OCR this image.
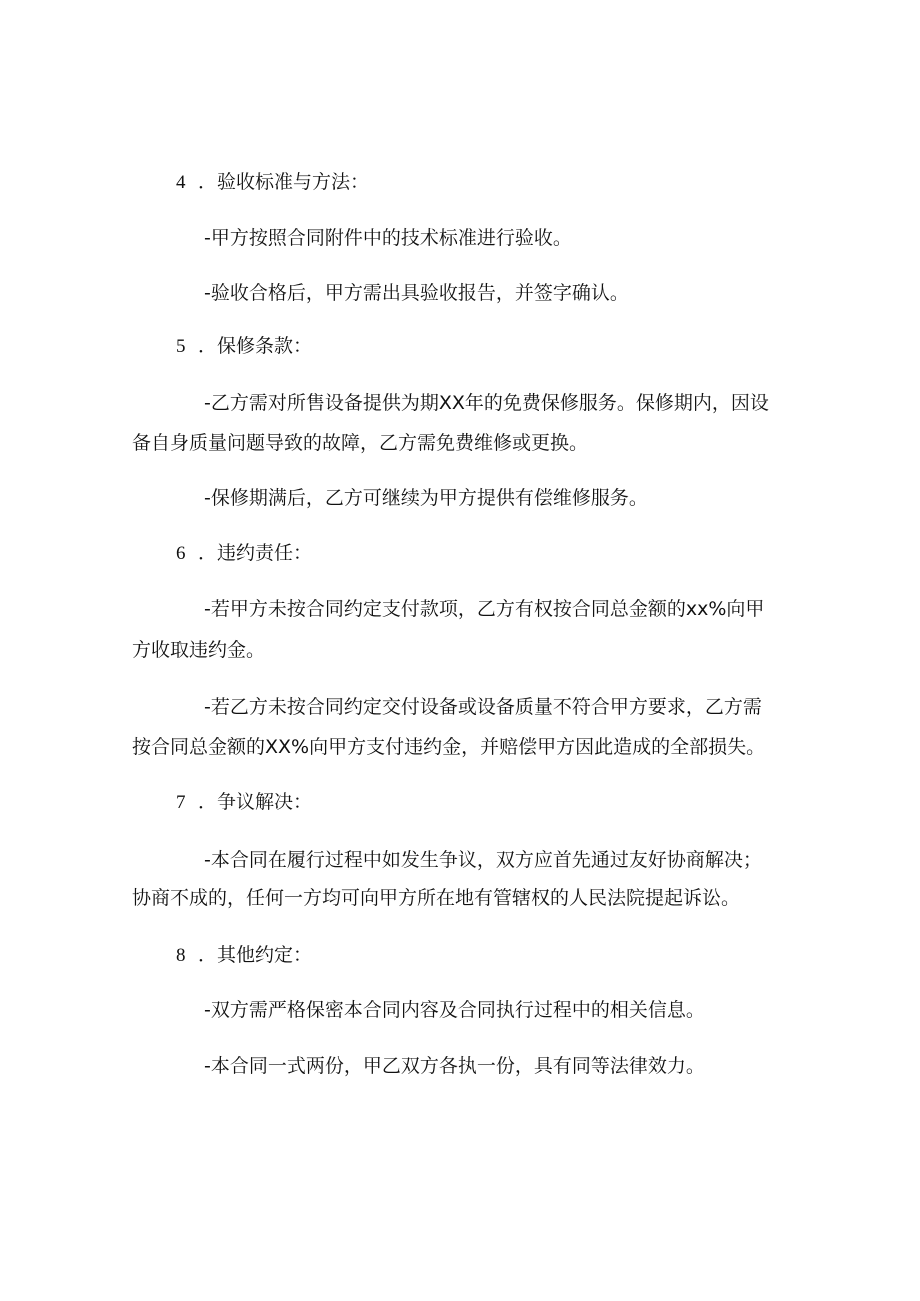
4 ．验收标准与方法：
-甲方按照合同附件中的技术标准进行验收。
-验收合格后，甲方需出具验收报告，并签字确认。
5 ．保修条款：
-乙方需对所售设备提供为期XX年的免费保修服务。保修期内，因设
备自身质量问题导致的故障，乙方需免费维修或更换。
-保修期满后，乙方可继续为甲方提供有偿维修服务。
6 ．违约责任：
-若甲方未按合同约定支付款项，乙方有权按合同总金额的xx%向甲
方收取违约金。
-若乙方未按合同约定交付设备或设备质量不符合甲方要求，乙方需
按合同总金额的XX%向甲方支付违约金，并赔偿甲方因此造成的全部损失。
7 ．争议解决：
-本合同在履行过程中如发生争议，双方应首先通过友好协商解决；
协商不成的，任何一方均可向甲方所在地有管辖权的人民法院提起诉讼。
8 ．其他约定：
-双方需严格保密本合同内容及合同执行过程中的相关信息。
-本合同一式两份，甲乙双方各执一份，具有同等法律效力。
